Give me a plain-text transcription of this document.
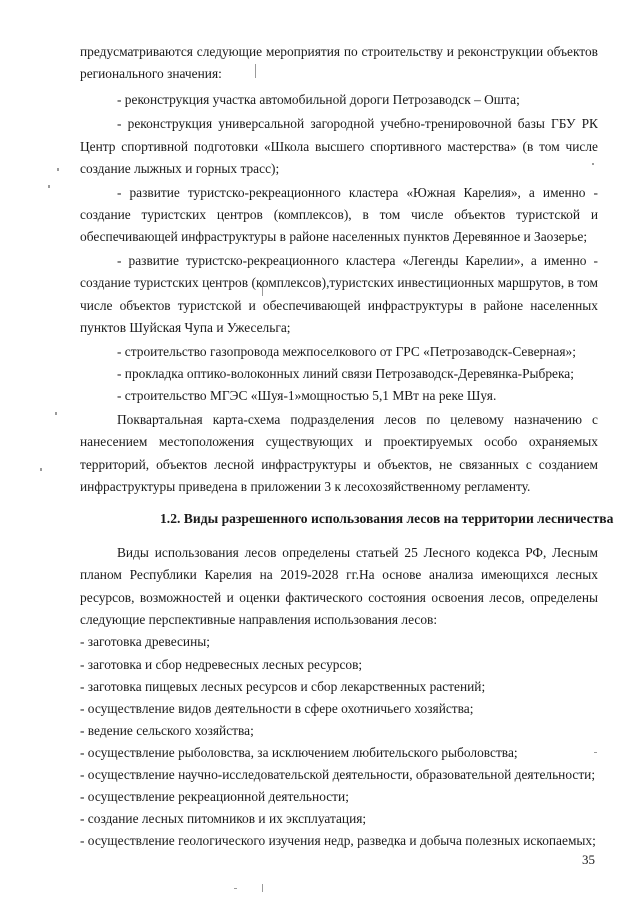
предусматриваются следующие мероприятия по строительству и реконструкции объектов
регионального значения:
- реконструкция участка автомобильной дороги Петрозаводск – Ошта;
- реконструкция универсальной загородной учебно-тренировочной базы ГБУ РК
Центр спортивной подготовки «Школа высшего спортивного мастерства» (в том числе
создание лыжных и горных трасс);
- развитие туристско-рекреационного кластера «Южная Карелия», а именно -
создание туристских центров (комплексов), в том числе объектов туристской и
обеспечивающей инфраструктуры в районе населенных пунктов Деревянное и Заозерье;
- развитие туристско-рекреационного кластера «Легенды Карелии», а именно -
создание туристских центров (комплексов),туристских инвестиционных маршрутов, в том
числе объектов туристской и обеспечивающей инфраструктуры в районе населенных
пунктов Шуйская Чупа и Ужесельга;
- строительство газопровода межпоселкового от ГРС «Петрозаводск-Северная»;
- прокладка оптико-волоконных линий связи Петрозаводск-Деревянка-Рыбрека;
- строительство МГЭС «Шуя-1»мощностью 5,1 МВт на реке Шуя.
Поквартальная карта-схема подразделения лесов по целевому назначению с
нанесением местоположения существующих и проектируемых особо охраняемых
территорий, объектов лесной инфраструктуры и объектов, не связанных с созданием
инфраструктуры приведена в приложении 3 к лесохозяйственному регламенту.
1.2. Виды разрешенного использования лесов на территории лесничества
Виды использования лесов определены статьей 25 Лесного кодекса РФ, Лесным
планом Республики Карелия на 2019-2028 гг.На основе анализа имеющихся лесных
ресурсов, возможностей и оценки фактического состояния освоения лесов, определены
следующие перспективные направления использования лесов:
- заготовка древесины;
- заготовка и сбор недревесных лесных ресурсов;
- заготовка пищевых лесных ресурсов и сбор лекарственных растений;
- осуществление видов деятельности в сфере охотничьего хозяйства;
- ведение сельского хозяйства;
- осуществление рыболовства, за исключением любительского рыболовства;
- осуществление научно-исследовательской деятельности, образовательной деятельности;
- осуществление рекреационной деятельности;
- создание лесных питомников и их эксплуатация;
- осуществление геологического изучения недр, разведка и добыча полезных ископаемых;
35
